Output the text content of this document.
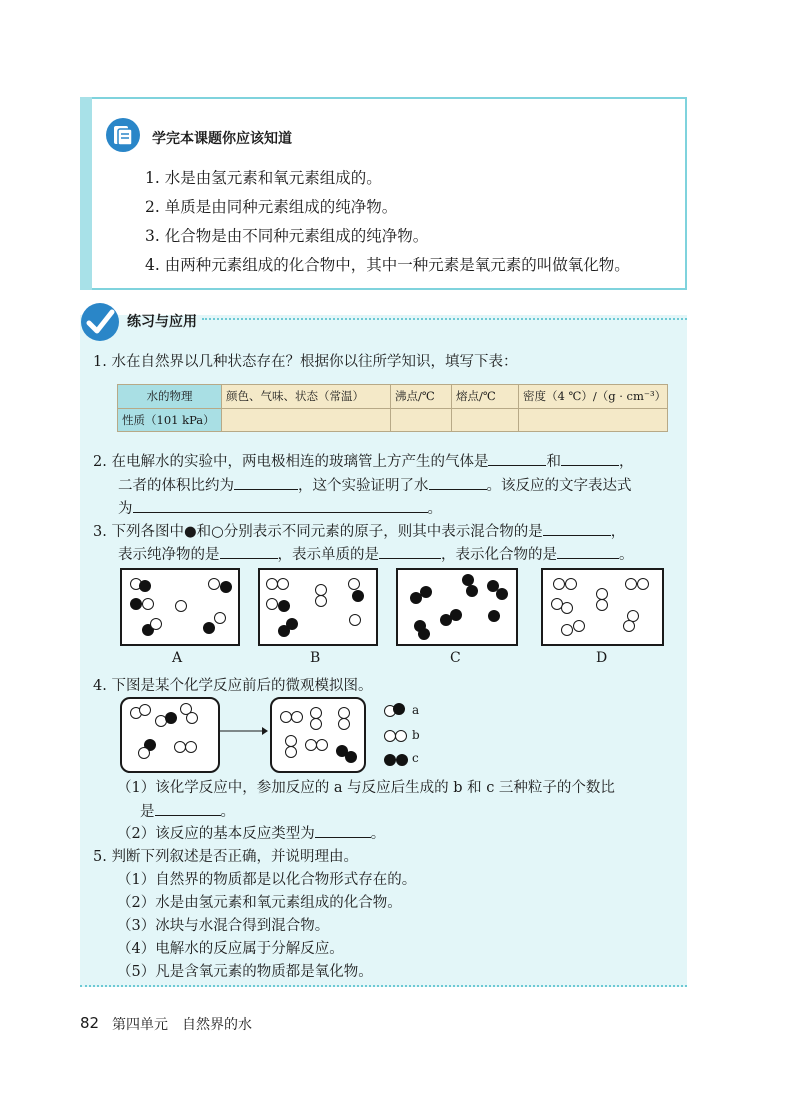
学完本课题你应该知道
1. 水是由氢元素和氧元素组成的。
2. 单质是由同种元素组成的纯净物。
3. 化合物是由不同种元素组成的纯净物。
4. 由两种元素组成的化合物中，其中一种元素是氧元素的叫做氧化物。
练习与应用
1. 水在自然界以几种状态存在？根据你以往所学知识，填写下表：
水的物理	颜色、气味、状态（常温）	沸点/℃	熔点/℃	密度（4 ℃）/（g · cm⁻³）
性质（101 kPa）				
2. 在电解水的实验中，两电极相连的玻璃管上方产生的气体是	和	，
二者的体积比约为	，这个实验证明了水	。该反应的文字表达式
为	。
3. 下列各图中●和○分别表示不同元素的原子，则其中表示混合物的是	，
表示纯净物的是	，表示单质的是	，表示化合物的是	。
A	B	C	D
4. 下图是某个化学反应前后的微观模拟图。
a
b
c
（1）该化学反应中，参加反应的 a 与反应后生成的 b 和 c 三种粒子的个数比
是	。
（2）该反应的基本反应类型为	。
5. 判断下列叙述是否正确，并说明理由。
（1）自然界的物质都是以化合物形式存在的。
（2）水是由氢元素和氧元素组成的化合物。
（3）冰块与水混合得到混合物。
（4）电解水的反应属于分解反应。
（5）凡是含氧元素的物质都是氧化物。
82 第四单元　自然界的水
